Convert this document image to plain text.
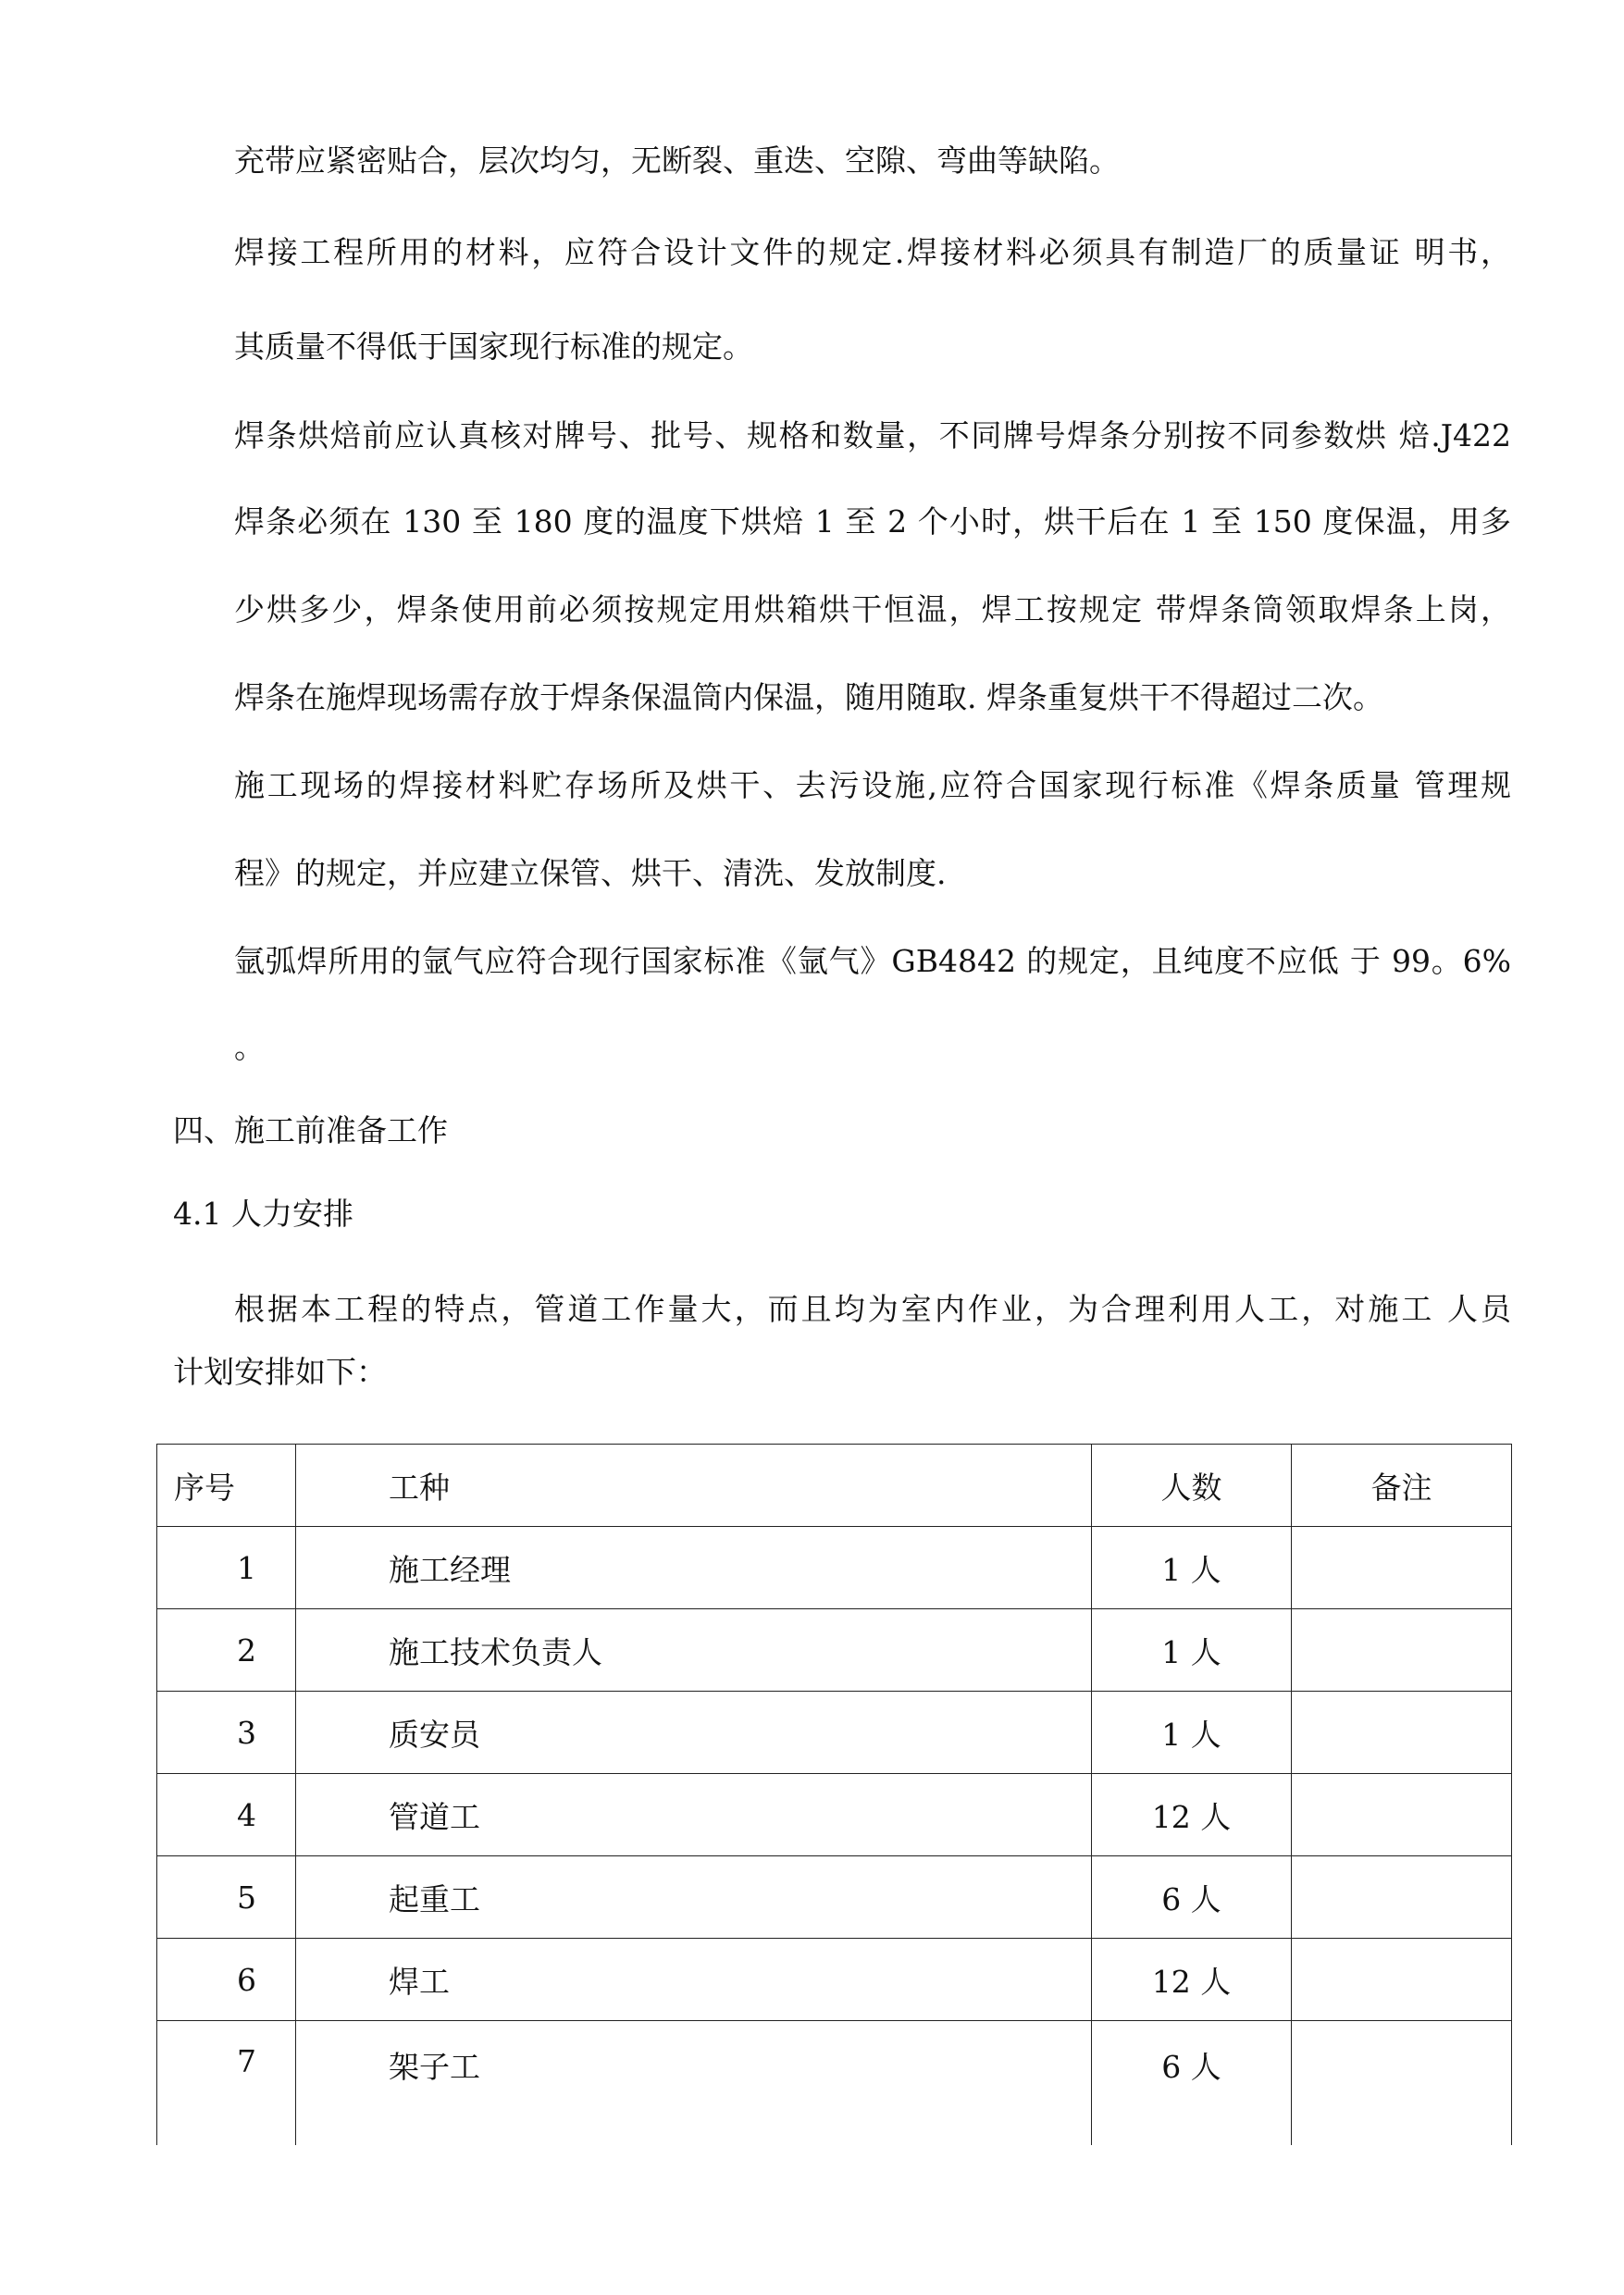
充带应紧密贴合，层次均匀，无断裂、重迭、空隙、弯曲等缺陷。
焊接工程所用的材料，应符合设计文件的规定.焊接材料必须具有制造厂的质量证 明书，
其质量不得低于国家现行标准的规定。
焊条烘焙前应认真核对牌号、批号、规格和数量，不同牌号焊条分别按不同参数烘 焙.J422
焊条必须在 130 至 180 度的温度下烘焙 1 至 2 个小时，烘干后在 1 至 150 度保温，用多
少烘多少，焊条使用前必须按规定用烘箱烘干恒温，焊工按规定 带焊条筒领取焊条上岗，
焊条在施焊现场需存放于焊条保温筒内保温，随用随取. 焊条重复烘干不得超过二次。
施工现场的焊接材料贮存场所及烘干、去污设施,应符合国家现行标准《焊条质量 管理规
程》的规定，并应建立保管、烘干、清洗、发放制度.
氩弧焊所用的氩气应符合现行国家标准《氩气》GB4842 的规定，且纯度不应低 于 99。6%
。
四、施工前准备工作
4.1 人力安排
根据本工程的特点，管道工作量大，而且均为室内作业，为合理利用人工，对施工 人员
计划安排如下：
序号	工种	人数	备注
1	施工经理	1 人	
2	施工技术负责人	1 人	
3	质安员	1 人	
4	管道工	12 人	
5	起重工	6 人	
6	焊工	12 人	
7	架子工	6 人	
